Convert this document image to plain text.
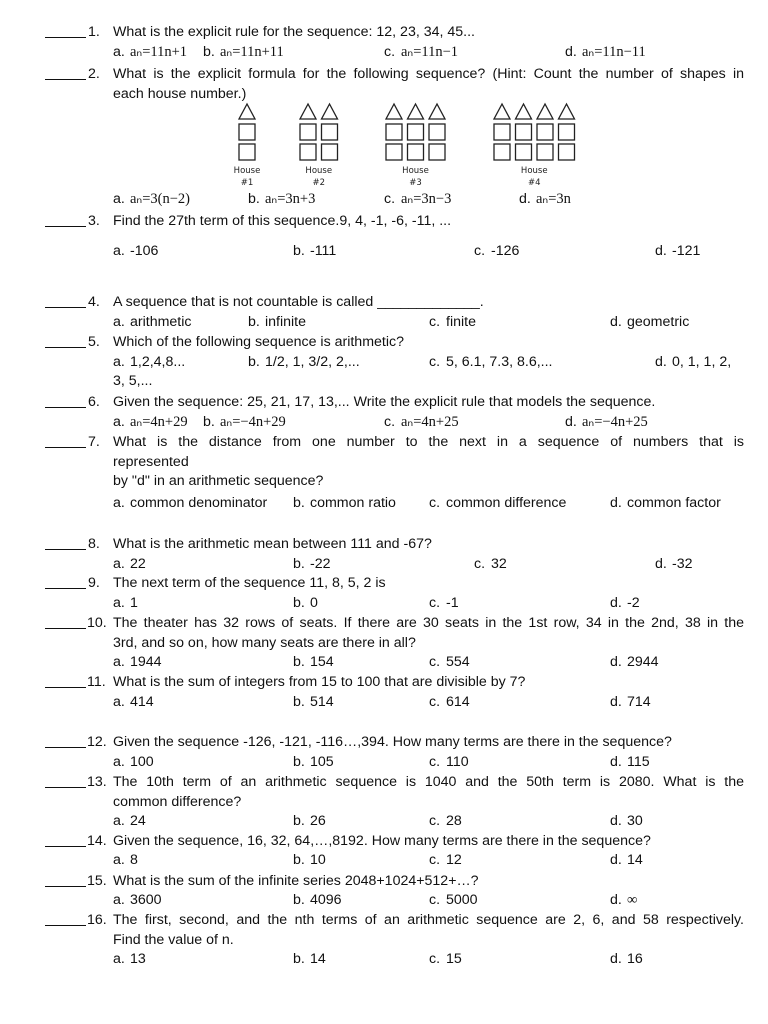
1. What is the explicit rule for the sequence: 12, 23, 34, 45...
a. aₙ=11n+1 b. aₙ=11n+11	c. aₙ=11n−1	d. aₙ=11n−11
2. What is the explicit formula for the following sequence? (Hint: Count the number of shapes in
each house number.)
a. aₙ=3(n−2)	b. aₙ=3n+3	c. aₙ=3n−3	d. aₙ=3n
3. Find the 27th term of this sequence.9, 4, -1, -6, -11, ...
a. -106	b. -111	c. -126	d. -121
4. A sequence that is not countable is called _____________.
a. arithmetic	b. infinite	c. finite	d. geometric
5. Which of the following sequence is arithmetic?
a. 1,2,4,8...	b. 1/2, 1, 3/2, 2,...	c. 5, 6.1, 7.3, 8.6,...	d. 0, 1, 1, 2,
3, 5,...
6. Given the sequence: 25, 21, 17, 13,... Write the explicit rule that models the sequence.
a. aₙ=4n+29 b. aₙ=−4n+29	c. aₙ=4n+25	d. aₙ=−4n+25
7. What is the distance from one number to the next in a sequence of numbers that is
represented
by "d" in an arithmetic sequence?
a. common denominator b. common ratio c. common difference	d. common factor
8. What is the arithmetic mean between 111 and -67?
a. 22	b. -22	c. 32	d. -32
9. The next term of the sequence 11, 8, 5, 2 is
a. 1	b. 0	c. -1	d. -2
10. The theater has 32 rows of seats. If there are 30 seats in the 1st row, 34 in the 2nd, 38 in the
3rd, and so on, how many seats are there in all?
a. 1944	b. 154	c. 554	d. 2944
11. What is the sum of integers from 15 to 100 that are divisible by 7?
a. 414	b. 514	c. 614	d. 714
12. Given the sequence -126, -121, -116…,394. How many terms are there in the sequence?
a. 100	b. 105	c. 110	d. 115
13. The 10th term of an arithmetic sequence is 1040 and the 50th term is 2080. What is the
common difference?
a. 24	b. 26	c. 28	d. 30
14. Given the sequence, 16, 32, 64,…,8192. How many terms are there in the sequence?
a. 8	b. 10	c. 12	d. 14
15. What is the sum of the infinite series 2048+1024+512+…?
a. 3600	b. 4096	c. 5000	d. ∞
16. The first, second, and the nth terms of an arithmetic sequence are 2, 6, and 58 respectively.
Find the value of n.
a. 13	b. 14	c. 15	d. 16
House
#1
House
#2
House
#3
House
#4
